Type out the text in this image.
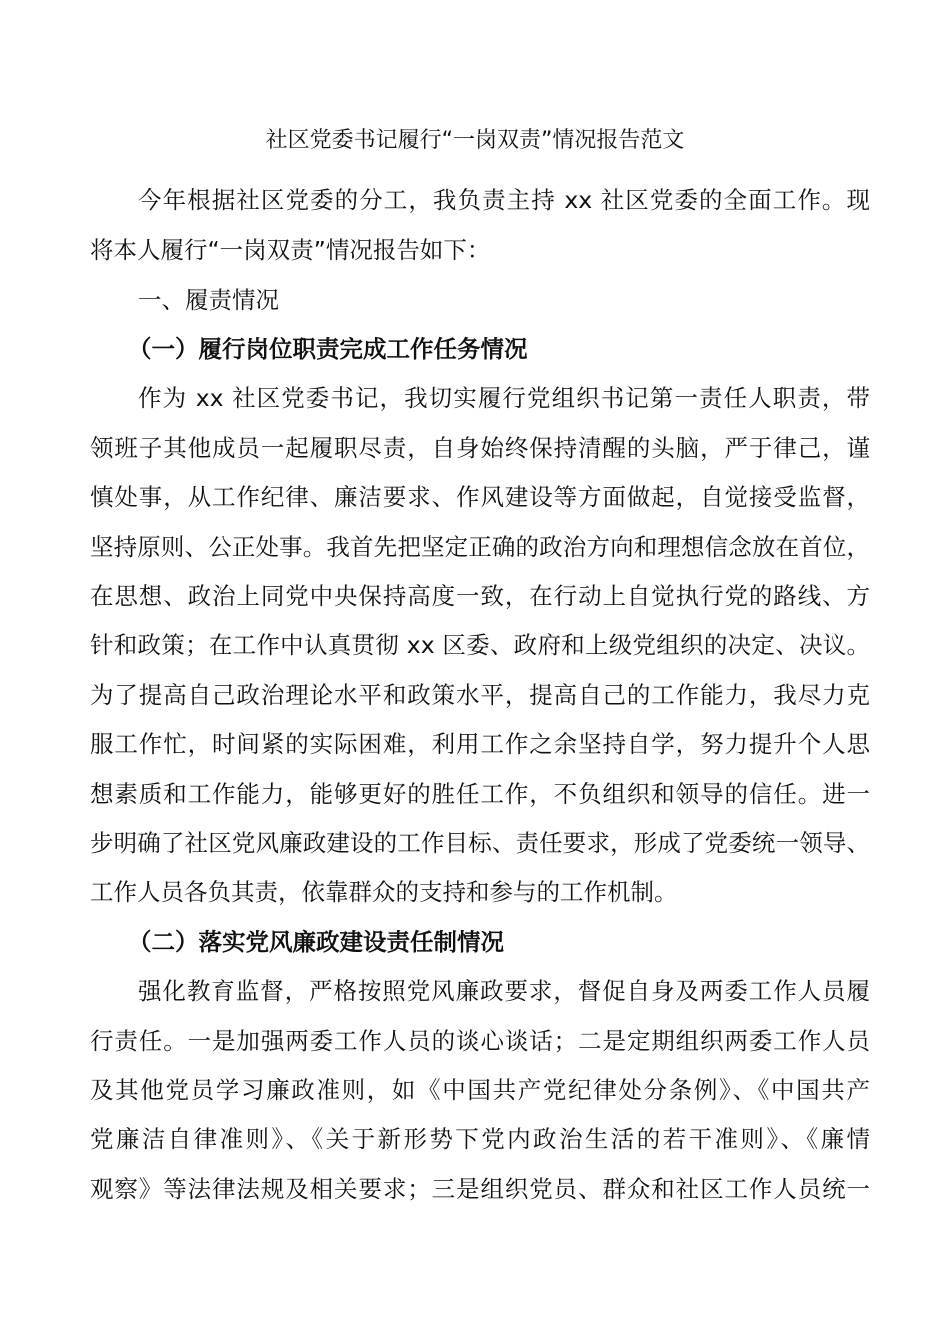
社区党委书记履行“一岗双责”情况报告范文
今年根据社区党委的分工，我负责主持 xx 社区党委的全面工作。现
将本人履行“一岗双责”情况报告如下：
一、履责情况
（一）履行岗位职责完成工作任务情况
作为 xx 社区党委书记，我切实履行党组织书记第一责任人职责，带
领班子其他成员一起履职尽责，自身始终保持清醒的头脑，严于律己，谨
慎处事，从工作纪律、廉洁要求、作风建设等方面做起，自觉接受监督，
坚持原则、公正处事。我首先把坚定正确的政治方向和理想信念放在首位，
在思想、政治上同党中央保持高度一致，在行动上自觉执行党的路线、方
针和政策；在工作中认真贯彻 xx 区委、政府和上级党组织的决定、决议。
为了提高自己政治理论水平和政策水平，提高自己的工作能力，我尽力克
服工作忙，时间紧的实际困难，利用工作之余坚持自学，努力提升个人思
想素质和工作能力，能够更好的胜任工作，不负组织和领导的信任。进一
步明确了社区党风廉政建设的工作目标、责任要求，形成了党委统一领导、
工作人员各负其责，依靠群众的支持和参与的工作机制。
（二）落实党风廉政建设责任制情况
强化教育监督，严格按照党风廉政要求，督促自身及两委工作人员履
行责任。一是加强两委工作人员的谈心谈话；二是定期组织两委工作人员
及其他党员学习廉政准则，如《中国共产党纪律处分条例》、《中国共产
党廉洁自律准则》、《关于新形势下党内政治生活的若干准则》、《廉情
观察》等法律法规及相关要求；三是组织党员、群众和社区工作人员统一
